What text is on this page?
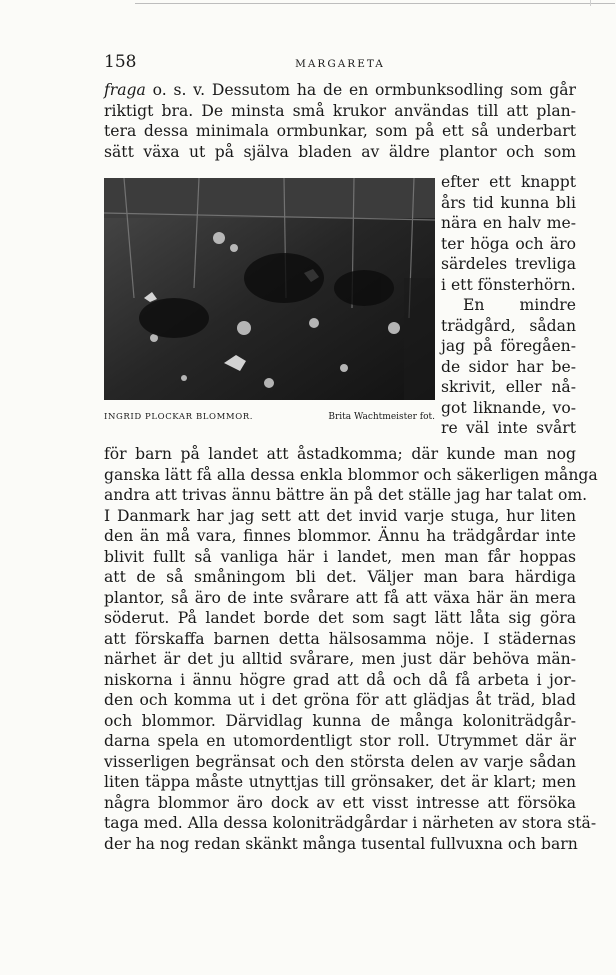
158	MARGARETA
fraga o. s. v. Dessutom ha de en ormbunksodling som går
riktigt bra. De minsta små krukor användas till att plan-
tera dessa minimala ormbunkar, som på ett så underbart
sätt växa ut på själva bladen av äldre plantor och som
INGRID PLOCKAR BLOMMOR.	Brita Wachtmeister fot.
efter ett knappt
års tid kunna bli
nära en halv me-
ter höga och äro
särdeles trevliga
i ett fönsterhörn.
En mindre
trädgård, sådan
jag på föregåen-
de sidor har be-
skrivit, eller nå-
got liknande, vo-
re väl inte svårt
för barn på landet att åstadkomma; där kunde man nog
ganska lätt få alla dessa enkla blommor och säkerligen många
andra att trivas ännu bättre än på det ställe jag har talat om.
I Danmark har jag sett att det invid varje stuga, hur liten
den än må vara, finnes blommor. Ännu ha trädgårdar inte
blivit fullt så vanliga här i landet, men man får hoppas
att de så småningom bli det. Väljer man bara härdiga
plantor, så äro de inte svårare att få att växa här än mera
söderut. På landet borde det som sagt lätt låta sig göra
att förskaffa barnen detta hälsosamma nöje. I städernas
närhet är det ju alltid svårare, men just där behöva män-
niskorna i ännu högre grad att då och då få arbeta i jor-
den och komma ut i det gröna för att glädjas åt träd, blad
och blommor. Därvidlag kunna de många koloniträdgår-
darna spela en utomordentligt stor roll. Utrymmet där är
visserligen begränsat och den största delen av varje sådan
liten täppa måste utnyttjas till grönsaker, det är klart; men
några blommor äro dock av ett visst intresse att försöka
taga med. Alla dessa koloniträdgårdar i närheten av stora stä-
der ha nog redan skänkt många tusental fullvuxna och barn
